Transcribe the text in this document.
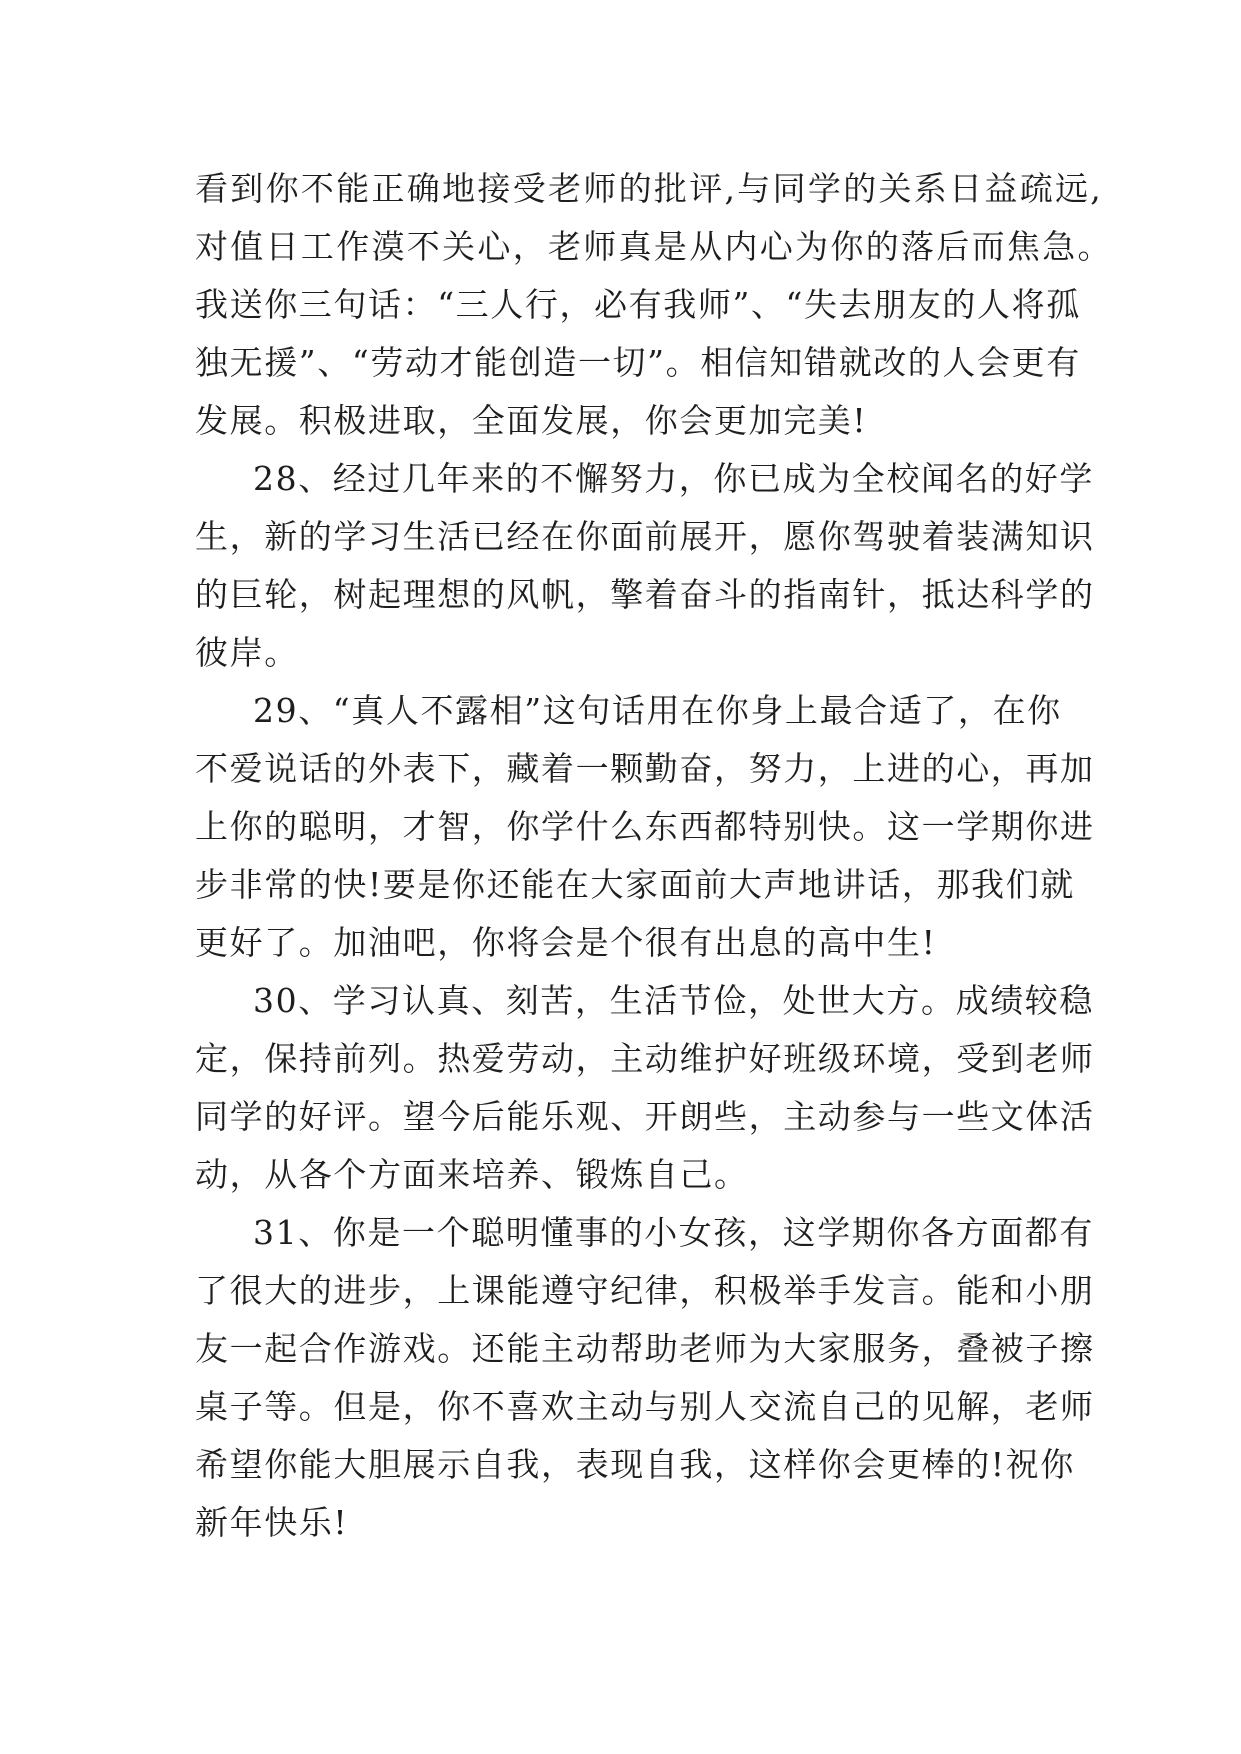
看到你不能正确地接受老师的批评,与同学的关系日益疏远,
对值日工作漠不关心，老师真是从内心为你的落后而焦急。
我送你三句话：“三人行，必有我师”、“失去朋友的人将孤
独无援”、“劳动才能创造一切”。相信知错就改的人会更有
发展。积极进取，全面发展，你会更加完美!
28、经过几年来的不懈努力，你已成为全校闻名的好学
生，新的学习生活已经在你面前展开，愿你驾驶着装满知识
的巨轮，树起理想的风帆，擎着奋斗的指南针，抵达科学的
彼岸。
29、“真人不露相”这句话用在你身上最合适了，在你
不爱说话的外表下，藏着一颗勤奋，努力，上进的心，再加
上你的聪明，才智，你学什么东西都特别快。这一学期你进
步非常的快!要是你还能在大家面前大声地讲话，那我们就
更好了。加油吧，你将会是个很有出息的高中生!
30、学习认真、刻苦，生活节俭，处世大方。成绩较稳
定，保持前列。热爱劳动，主动维护好班级环境，受到老师
同学的好评。望今后能乐观、开朗些，主动参与一些文体活
动，从各个方面来培养、锻炼自己。
31、你是一个聪明懂事的小女孩，这学期你各方面都有
了很大的进步，上课能遵守纪律，积极举手发言。能和小朋
友一起合作游戏。还能主动帮助老师为大家服务，叠被子擦
桌子等。但是，你不喜欢主动与别人交流自己的见解，老师
希望你能大胆展示自我，表现自我，这样你会更棒的!祝你
新年快乐!
